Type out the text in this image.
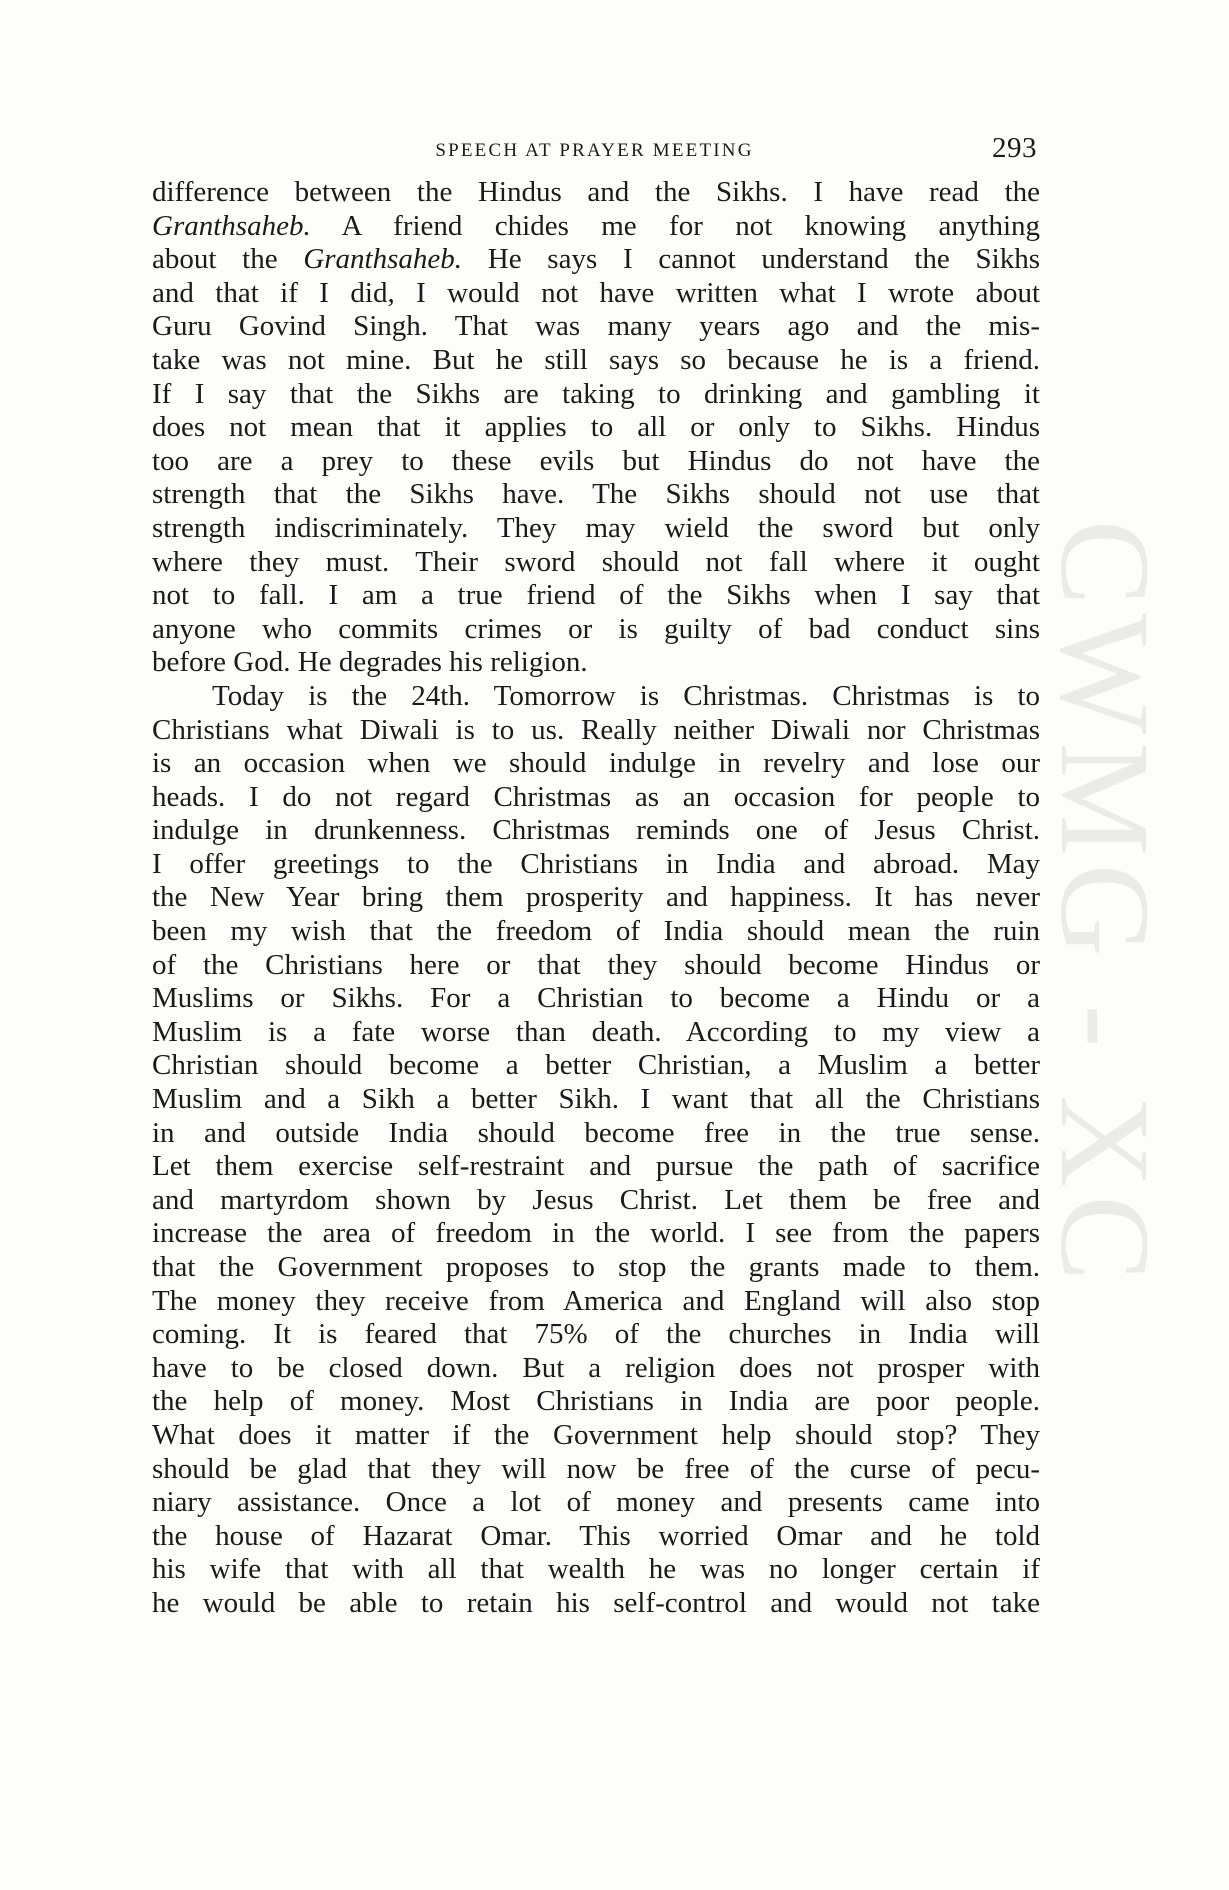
CWMG - XC
SPEECH AT PRAYER MEETING	293
difference between the Hindus and the Sikhs. I have read the
Granthsaheb. A friend chides me for not knowing anything
about the Granthsaheb. He says I cannot understand the Sikhs
and that if I did, I would not have written what I wrote about
Guru Govind Singh. That was many years ago and the mis-
take was not mine. But he still says so because he is a friend.
If I say that the Sikhs are taking to drinking and gambling it
does not mean that it applies to all or only to Sikhs. Hindus
too are a prey to these evils but Hindus do not have the
strength that the Sikhs have. The Sikhs should not use that
strength indiscriminately. They may wield the sword but only
where they must. Their sword should not fall where it ought
not to fall. I am a true friend of the Sikhs when I say that
anyone who commits crimes or is guilty of bad conduct sins
before God. He degrades his religion.
Today is the 24th. Tomorrow is Christmas. Christmas is to
Christians what Diwali is to us. Really neither Diwali nor Christmas
is an occasion when we should indulge in revelry and lose our
heads. I do not regard Christmas as an occasion for people to
indulge in drunkenness. Christmas reminds one of Jesus Christ.
I offer greetings to the Christians in India and abroad. May
the New Year bring them prosperity and happiness. It has never
been my wish that the freedom of India should mean the ruin
of the Christians here or that they should become Hindus or
Muslims or Sikhs. For a Christian to become a Hindu or a
Muslim is a fate worse than death. According to my view a
Christian should become a better Christian, a Muslim a better
Muslim and a Sikh a better Sikh. I want that all the Christians
in and outside India should become free in the true sense.
Let them exercise self-restraint and pursue the path of sacrifice
and martyrdom shown by Jesus Christ. Let them be free and
increase the area of freedom in the world. I see from the papers
that the Government proposes to stop the grants made to them.
The money they receive from America and England will also stop
coming. It is feared that 75% of the churches in India will
have to be closed down. But a religion does not prosper with
the help of money. Most Christians in India are poor people.
What does it matter if the Government help should stop? They
should be glad that they will now be free of the curse of pecu-
niary assistance. Once a lot of money and presents came into
the house of Hazarat Omar. This worried Omar and he told
his wife that with all that wealth he was no longer certain if
he would be able to retain his self-control and would not take
